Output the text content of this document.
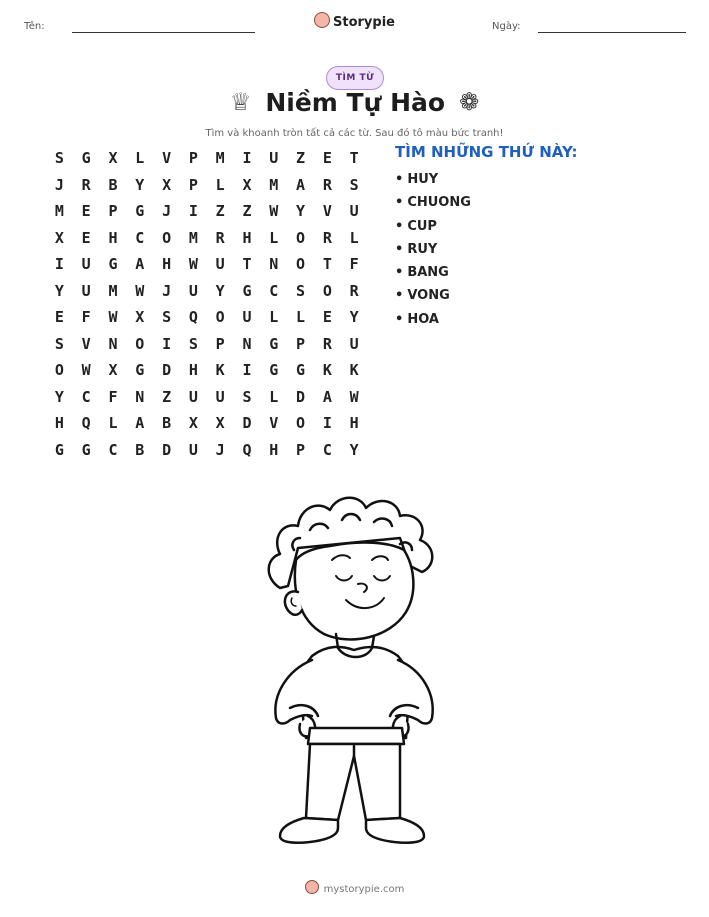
Tên:	Storypie	Ngày:
TÌM TỪ
♕ Niềm Tự Hào ❁
Tìm và khoanh tròn tất cả các từ. Sau đó tô màu bức tranh!
S	G	X	L	V	P	M	I	U	Z	E	T
J	R	B	Y	X	P	L	X	M	A	R	S
M	E	P	G	J	I	Z	Z	W	Y	V	U
X	E	H	C	O	M	R	H	L	O	R	L
I	U	G	A	H	W	U	T	N	O	T	F
Y	U	M	W	J	U	Y	G	C	S	O	R
E	F	W	X	S	Q	O	U	L	L	E	Y
S	V	N	O	I	S	P	N	G	P	R	U
O	W	X	G	D	H	K	I	G	G	K	K
Y	C	F	N	Z	U	U	S	L	D	A	W
H	Q	L	A	B	X	X	D	V	O	I	H
G	G	C	B	D	U	J	Q	H	P	C	Y
TÌM NHỮNG THỨ NÀY:
• HUY
• CHUONG
• CUP
• RUY
• BANG
• VONG
• HOA
mystorypie.com
